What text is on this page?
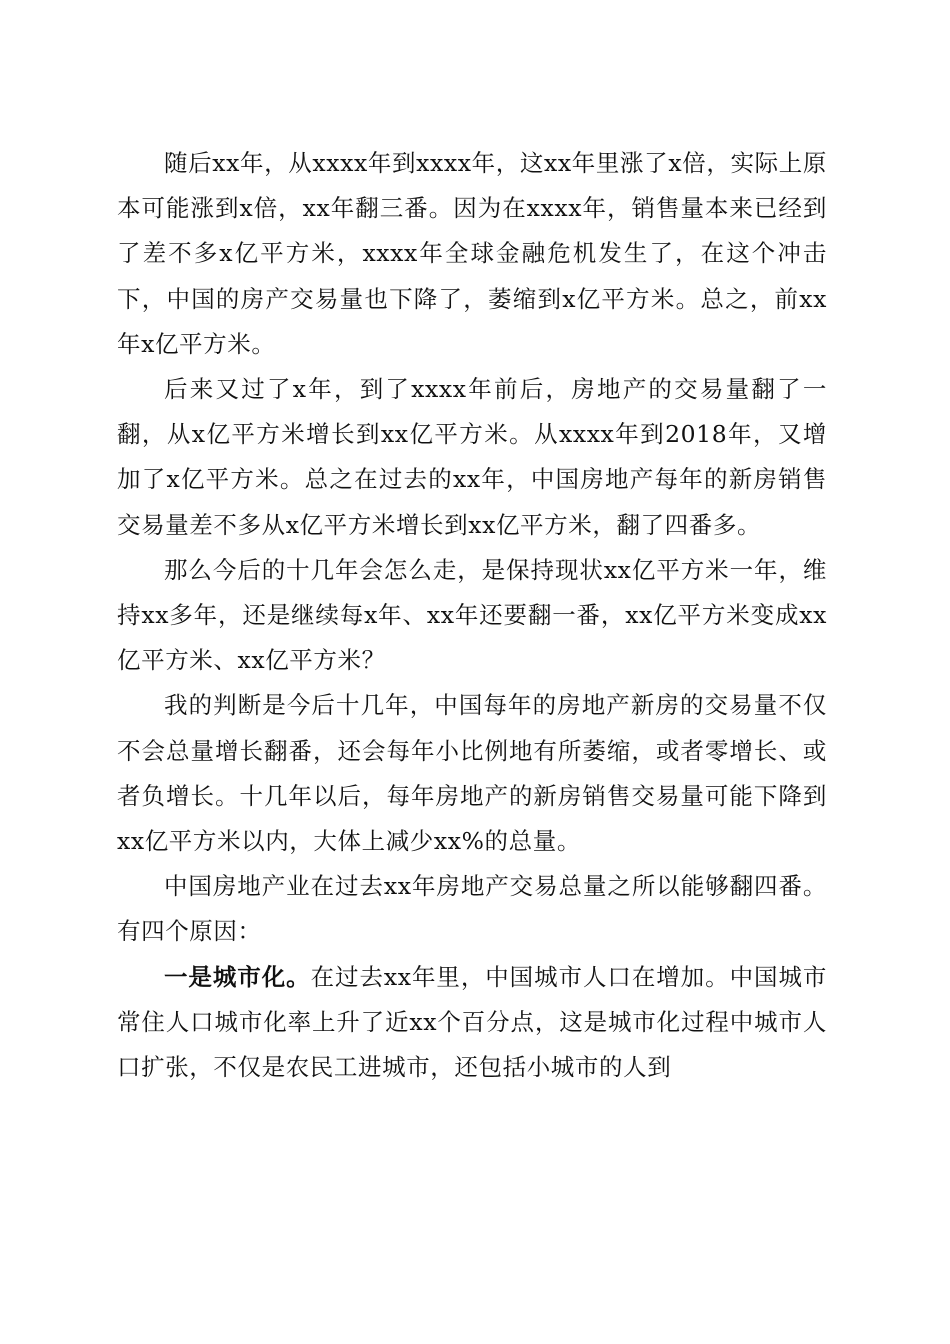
随后xx年，从xxxx年到xxxx年，这xx年里涨了x倍，实际上原本可能涨到x倍，xx年翻三番。因为在xxxx年，销售量本来已经到了差不多x亿平方米，xxxx年全球金融危机发生了，在这个冲击下，中国的房产交易量也下降了，萎缩到x亿平方米。总之，前xx年x亿平方米。

后来又过了x年，到了xxxx年前后，房地产的交易量翻了一翻，从x亿平方米增长到xx亿平方米。从xxxx年到2018年，又增加了x亿平方米。总之在过去的xx年，中国房地产每年的新房销售交易量差不多从x亿平方米增长到xx亿平方米，翻了四番多。

那么今后的十几年会怎么走，是保持现状xx亿平方米一年，维持xx多年，还是继续每x年、xx年还要翻一番，xx亿平方米变成xx亿平方米、xx亿平方米？

我的判断是今后十几年，中国每年的房地产新房的交易量不仅不会总量增长翻番，还会每年小比例地有所萎缩，或者零增长、或者负增长。十几年以后，每年房地产的新房销售交易量可能下降到xx亿平方米以内，大体上减少xx%的总量。

中国房地产业在过去xx年房地产交易总量之所以能够翻四番。有四个原因：

一是城市化。在过去xx年里，中国城市人口在增加。中国城市常住人口城市化率上升了近xx个百分点，这是城市化过程中城市人口扩张，不仅是农民工进城市，还包括小城市的人到
